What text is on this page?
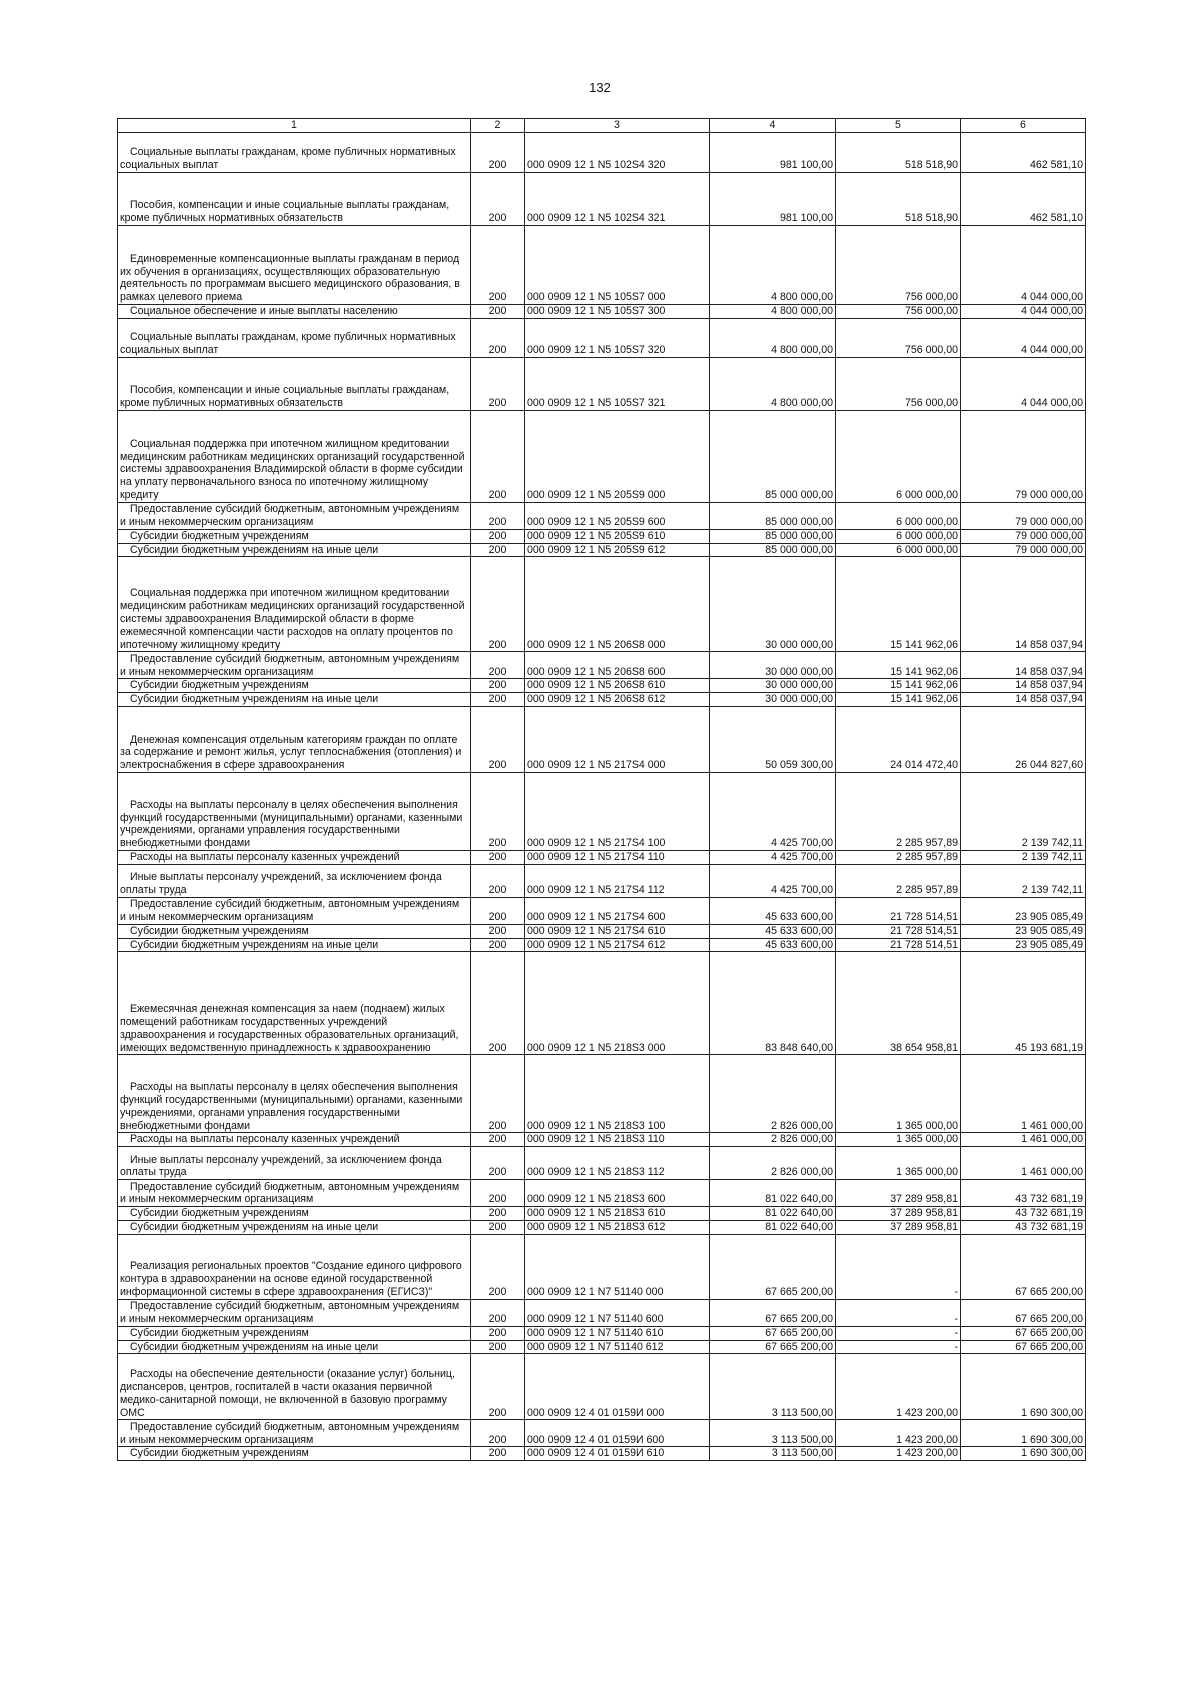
132
1	2	3	4	5	6
Социальные выплаты гражданам, кроме публичных нормативных социальных выплат	200	000 0909 12 1 N5 102S4 320	981 100,00	518 518,90	462 581,10
Пособия, компенсации и иные социальные выплаты гражданам, кроме публичных нормативных обязательств	200	000 0909 12 1 N5 102S4 321	981 100,00	518 518,90	462 581,10
Единовременные компенсационные выплаты гражданам в период их обучения в организациях, осуществляющих образовательную деятельность по программам высшего медицинского образования, в рамках целевого приема	200	000 0909 12 1 N5 105S7 000	4 800 000,00	756 000,00	4 044 000,00
Социальное обеспечение и иные выплаты населению	200	000 0909 12 1 N5 105S7 300	4 800 000,00	756 000,00	4 044 000,00
Социальные выплаты гражданам, кроме публичных нормативных социальных выплат	200	000 0909 12 1 N5 105S7 320	4 800 000,00	756 000,00	4 044 000,00
Пособия, компенсации и иные социальные выплаты гражданам, кроме публичных нормативных обязательств	200	000 0909 12 1 N5 105S7 321	4 800 000,00	756 000,00	4 044 000,00
Социальная поддержка при ипотечном жилищном кредитовании медицинским работникам медицинских организаций государственной системы здравоохранения Владимирской области в форме субсидии на уплату первоначального взноса по ипотечному жилищному кредиту	200	000 0909 12 1 N5 205S9 000	85 000 000,00	6 000 000,00	79 000 000,00
Предоставление субсидий бюджетным, автономным учреждениям и иным некоммерческим организациям	200	000 0909 12 1 N5 205S9 600	85 000 000,00	6 000 000,00	79 000 000,00
Субсидии бюджетным учреждениям	200	000 0909 12 1 N5 205S9 610	85 000 000,00	6 000 000,00	79 000 000,00
Субсидии бюджетным учреждениям на иные цели	200	000 0909 12 1 N5 205S9 612	85 000 000,00	6 000 000,00	79 000 000,00
Социальная поддержка при ипотечном жилищном кредитовании медицинским работникам медицинских организаций государственной системы здравоохранения Владимирской области в форме ежемесячной компенсации части расходов на оплату процентов по ипотечному жилищному кредиту	200	000 0909 12 1 N5 206S8 000	30 000 000,00	15 141 962,06	14 858 037,94
Предоставление субсидий бюджетным, автономным учреждениям и иным некоммерческим организациям	200	000 0909 12 1 N5 206S8 600	30 000 000,00	15 141 962,06	14 858 037,94
Субсидии бюджетным учреждениям	200	000 0909 12 1 N5 206S8 610	30 000 000,00	15 141 962,06	14 858 037,94
Субсидии бюджетным учреждениям на иные цели	200	000 0909 12 1 N5 206S8 612	30 000 000,00	15 141 962,06	14 858 037,94
Денежная компенсация отдельным категориям граждан по оплате за содержание и ремонт жилья, услуг теплоснабжения (отопления) и электроснабжения в сфере здравоохранения	200	000 0909 12 1 N5 217S4 000	50 059 300,00	24 014 472,40	26 044 827,60
Расходы на выплаты персоналу в целях обеспечения выполнения функций государственными (муниципальными) органами, казенными учреждениями, органами управления государственными внебюджетными фондами	200	000 0909 12 1 N5 217S4 100	4 425 700,00	2 285 957,89	2 139 742,11
Расходы на выплаты персоналу казенных учреждений	200	000 0909 12 1 N5 217S4 110	4 425 700,00	2 285 957,89	2 139 742,11
Иные выплаты персоналу учреждений, за исключением фонда оплаты труда	200	000 0909 12 1 N5 217S4 112	4 425 700,00	2 285 957,89	2 139 742,11
Предоставление субсидий бюджетным, автономным учреждениям и иным некоммерческим организациям	200	000 0909 12 1 N5 217S4 600	45 633 600,00	21 728 514,51	23 905 085,49
Субсидии бюджетным учреждениям	200	000 0909 12 1 N5 217S4 610	45 633 600,00	21 728 514,51	23 905 085,49
Субсидии бюджетным учреждениям на иные цели	200	000 0909 12 1 N5 217S4 612	45 633 600,00	21 728 514,51	23 905 085,49
Ежемесячная денежная компенсация за наем (поднаем) жилых помещений работникам государственных учреждений здравоохранения и государственных образовательных организаций, имеющих ведомственную принадлежность к здравоохранению	200	000 0909 12 1 N5 218S3 000	83 848 640,00	38 654 958,81	45 193 681,19
Расходы на выплаты персоналу в целях обеспечения выполнения функций государственными (муниципальными) органами, казенными учреждениями, органами управления государственными внебюджетными фондами	200	000 0909 12 1 N5 218S3 100	2 826 000,00	1 365 000,00	1 461 000,00
Расходы на выплаты персоналу казенных учреждений	200	000 0909 12 1 N5 218S3 110	2 826 000,00	1 365 000,00	1 461 000,00
Иные выплаты персоналу учреждений, за исключением фонда оплаты труда	200	000 0909 12 1 N5 218S3 112	2 826 000,00	1 365 000,00	1 461 000,00
Предоставление субсидий бюджетным, автономным учреждениям и иным некоммерческим организациям	200	000 0909 12 1 N5 218S3 600	81 022 640,00	37 289 958,81	43 732 681,19
Субсидии бюджетным учреждениям	200	000 0909 12 1 N5 218S3 610	81 022 640,00	37 289 958,81	43 732 681,19
Субсидии бюджетным учреждениям на иные цели	200	000 0909 12 1 N5 218S3 612	81 022 640,00	37 289 958,81	43 732 681,19
Реализация региональных проектов "Создание единого цифрового контура в здравоохранении на основе единой государственной информационной системы в сфере здравоохранения (ЕГИСЗ)"	200	000 0909 12 1 N7 51140 000	67 665 200,00	-	67 665 200,00
Предоставление субсидий бюджетным, автономным учреждениям и иным некоммерческим организациям	200	000 0909 12 1 N7 51140 600	67 665 200,00	-	67 665 200,00
Субсидии бюджетным учреждениям	200	000 0909 12 1 N7 51140 610	67 665 200,00	-	67 665 200,00
Субсидии бюджетным учреждениям на иные цели	200	000 0909 12 1 N7 51140 612	67 665 200,00	-	67 665 200,00
Расходы на обеспечение деятельности (оказание услуг) больниц, диспансеров, центров, госпиталей в части оказания первичной медико-санитарной помощи, не включенной в базовую программу ОМС	200	000 0909 12 4 01 0159И 000	3 113 500,00	1 423 200,00	1 690 300,00
Предоставление субсидий бюджетным, автономным учреждениям и иным некоммерческим организациям	200	000 0909 12 4 01 0159И 600	3 113 500,00	1 423 200,00	1 690 300,00
Субсидии бюджетным учреждениям	200	000 0909 12 4 01 0159И 610	3 113 500,00	1 423 200,00	1 690 300,00
